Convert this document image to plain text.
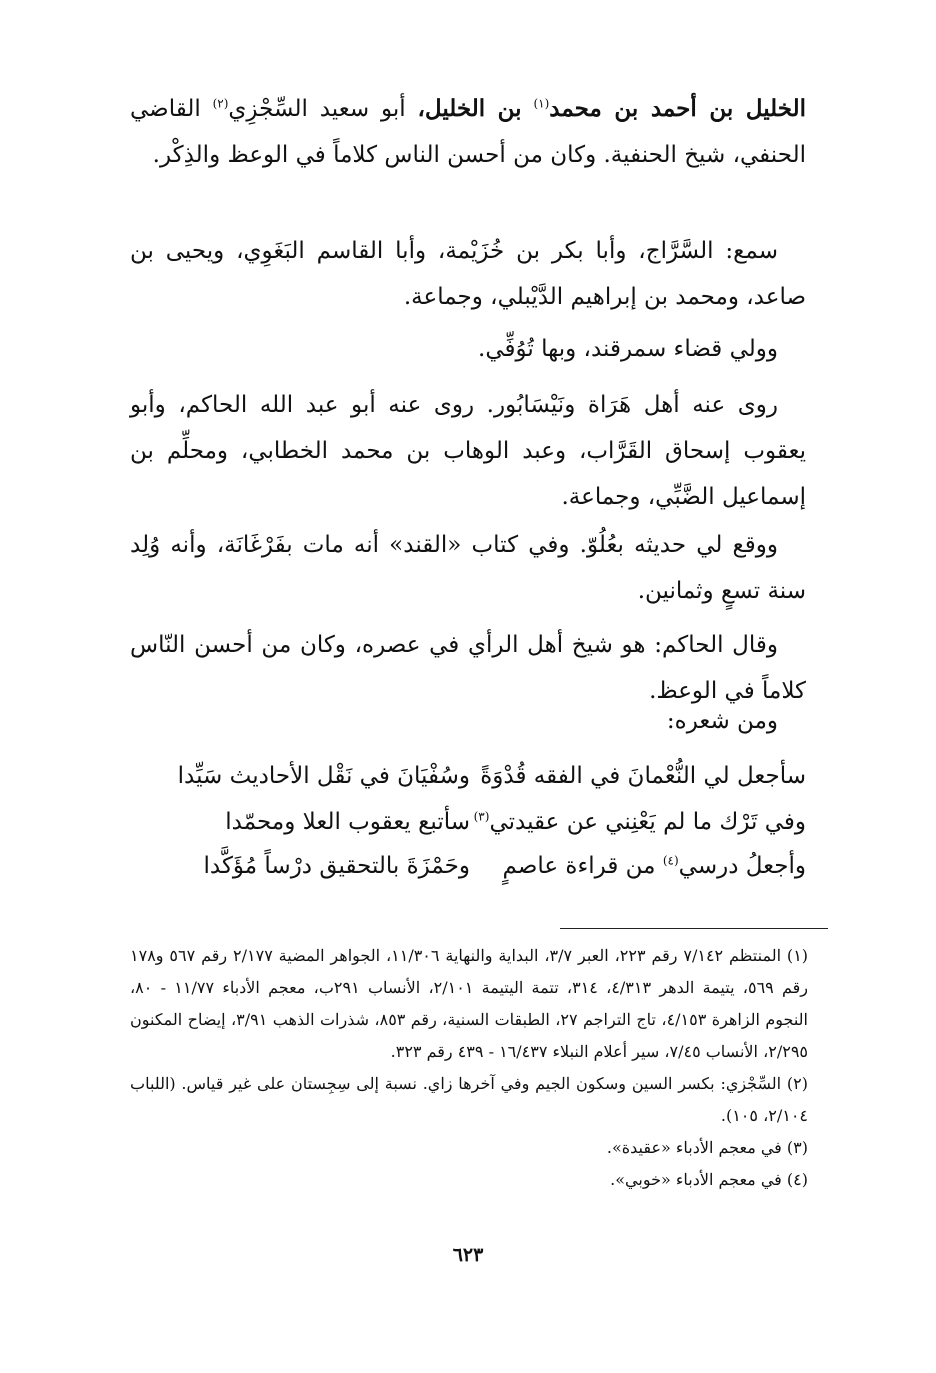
الخليل بن أحمد بن محمد$^{(١)}$ بن الخليل، أبو سعيد السِّجْزِي$^{(٢)}$ القاضي الحنفي، شيخ الحنفية. وكان من أحسن الناس كلاماً في الوعظ والذِكْر.

سمع: السَّرَّاج، وأبا بكر بن خُزَيْمة، وأبا القاسم البَغَوِي، ويحيى بن صاعد، ومحمد بن إبراهيم الدَّيْبلي، وجماعة.

وولي قضاء سمرقند، وبها تُوُفِّي.

روى عنه أهل هَرَاة ونَيْسَابُور. روى عنه أبو عبد الله الحاكم، وأبو يعقوب إسحاق القَرَّاب، وعبد الوهاب بن محمد الخطابي، ومحلِّم بن إسماعيل الضَّبِّي، وجماعة.

ووقع لي حديثه بعُلُوّ. وفي كتاب «القند» أنه مات بفَرْغَانَة، وأنه وُلِد سنة تسعٍ وثمانين.

وقال الحاكم: هو شيخ أهل الرأي في عصره، وكان من أحسن النّاس كلاماً في الوعظ.

ومن شعره:

سأجعل لي النُّعْمانَ في الفقه قُدْوَةً
وسُفْيَانَ في نَقْل الأحاديث سَيِّدا
وفي تَرْك ما لم يَعْنِني عن عقيدتي$^{(٣)}$
سأتبع يعقوب العلا ومحمّدا
وأجعلُ درسي$^{(٤)}$ من قراءة عاصمٍ
وحَمْزَةَ بالتحقيق درْساً مُؤَكَّدا

(١) المنتظم ٧/١٤٢ رقم ٢٢٣، العبر ٣/٧، البداية والنهاية ١١/٣٠٦، الجواهر المضية ٢/١٧٧ رقم ٥٦٧ و١٧٨ رقم ٥٦٩، يتيمة الدهر ٤/٣١٣، ٣١٤، تتمة اليتيمة ٢/١٠١، الأنساب ٢٩١ب، معجم الأدباء ١١/٧٧ - ٨٠، النجوم الزاهرة ٤/١٥٣، تاج التراجم ٢٧، الطبقات السنية، رقم ٨٥٣، شذرات الذهب ٣/٩١، إيضاح المكنون ٢/٢٩٥، الأنساب ٧/٤٥، سير أعلام النبلاء ١٦/٤٣٧ - ٤٣٩ رقم ٣٢٣.

(٢) السِّجْزي: بكسر السين وسكون الجيم وفي آخرها زاي. نسبة إلى سِجِستان على غير قياس. (اللباب ٢/١٠٤، ١٠٥).

(٣) في معجم الأدباء «عقيدة».

(٤) في معجم الأدباء «خوبي».

٦٢٣
